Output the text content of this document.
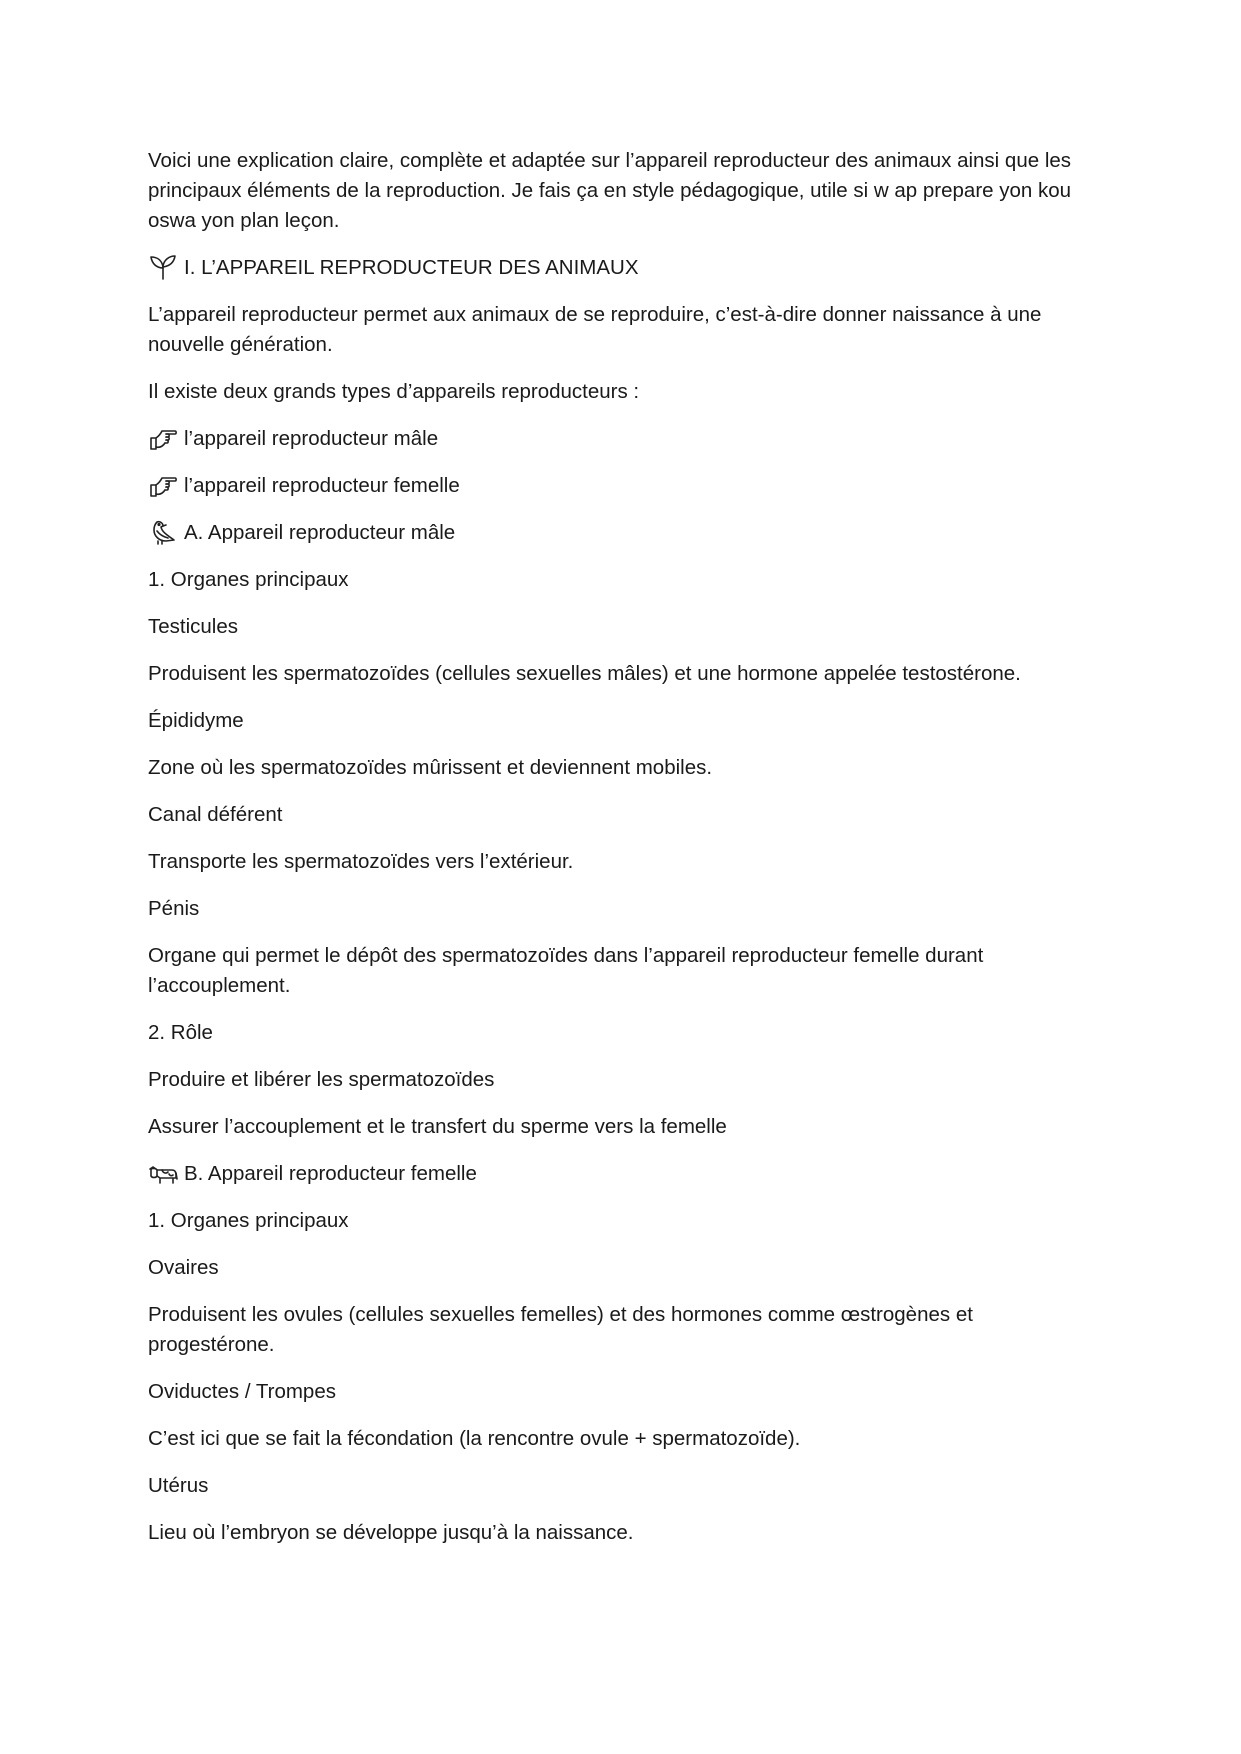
Voici une explication claire, complète et adaptée sur l’appareil reproducteur des animaux ainsi que les principaux éléments de la reproduction. Je fais ça en style pédagogique, utile si w ap prepare yon kou oswa yon plan leçon.

I. L’APPAREIL REPRODUCTEUR DES ANIMAUX

L’appareil reproducteur permet aux animaux de se reproduire, c’est-à-dire donner naissance à une nouvelle génération.

Il existe deux grands types d’appareils reproducteurs :

l’appareil reproducteur mâle

l’appareil reproducteur femelle

A. Appareil reproducteur mâle

1. Organes principaux

Testicules

Produisent les spermatozoïdes (cellules sexuelles mâles) et une hormone appelée testostérone.

Épididyme

Zone où les spermatozoïdes mûrissent et deviennent mobiles.

Canal déférent

Transporte les spermatozoïdes vers l’extérieur.

Pénis

Organe qui permet le dépôt des spermatozoïdes dans l’appareil reproducteur femelle durant l’accouplement.

2. Rôle

Produire et libérer les spermatozoïdes

Assurer l’accouplement et le transfert du sperme vers la femelle

B. Appareil reproducteur femelle

1. Organes principaux

Ovaires

Produisent les ovules (cellules sexuelles femelles) et des hormones comme œstrogènes et progestérone.

Oviductes / Trompes

C’est ici que se fait la fécondation (la rencontre ovule + spermatozoïde).

Utérus

Lieu où l’embryon se développe jusqu’à la naissance.
